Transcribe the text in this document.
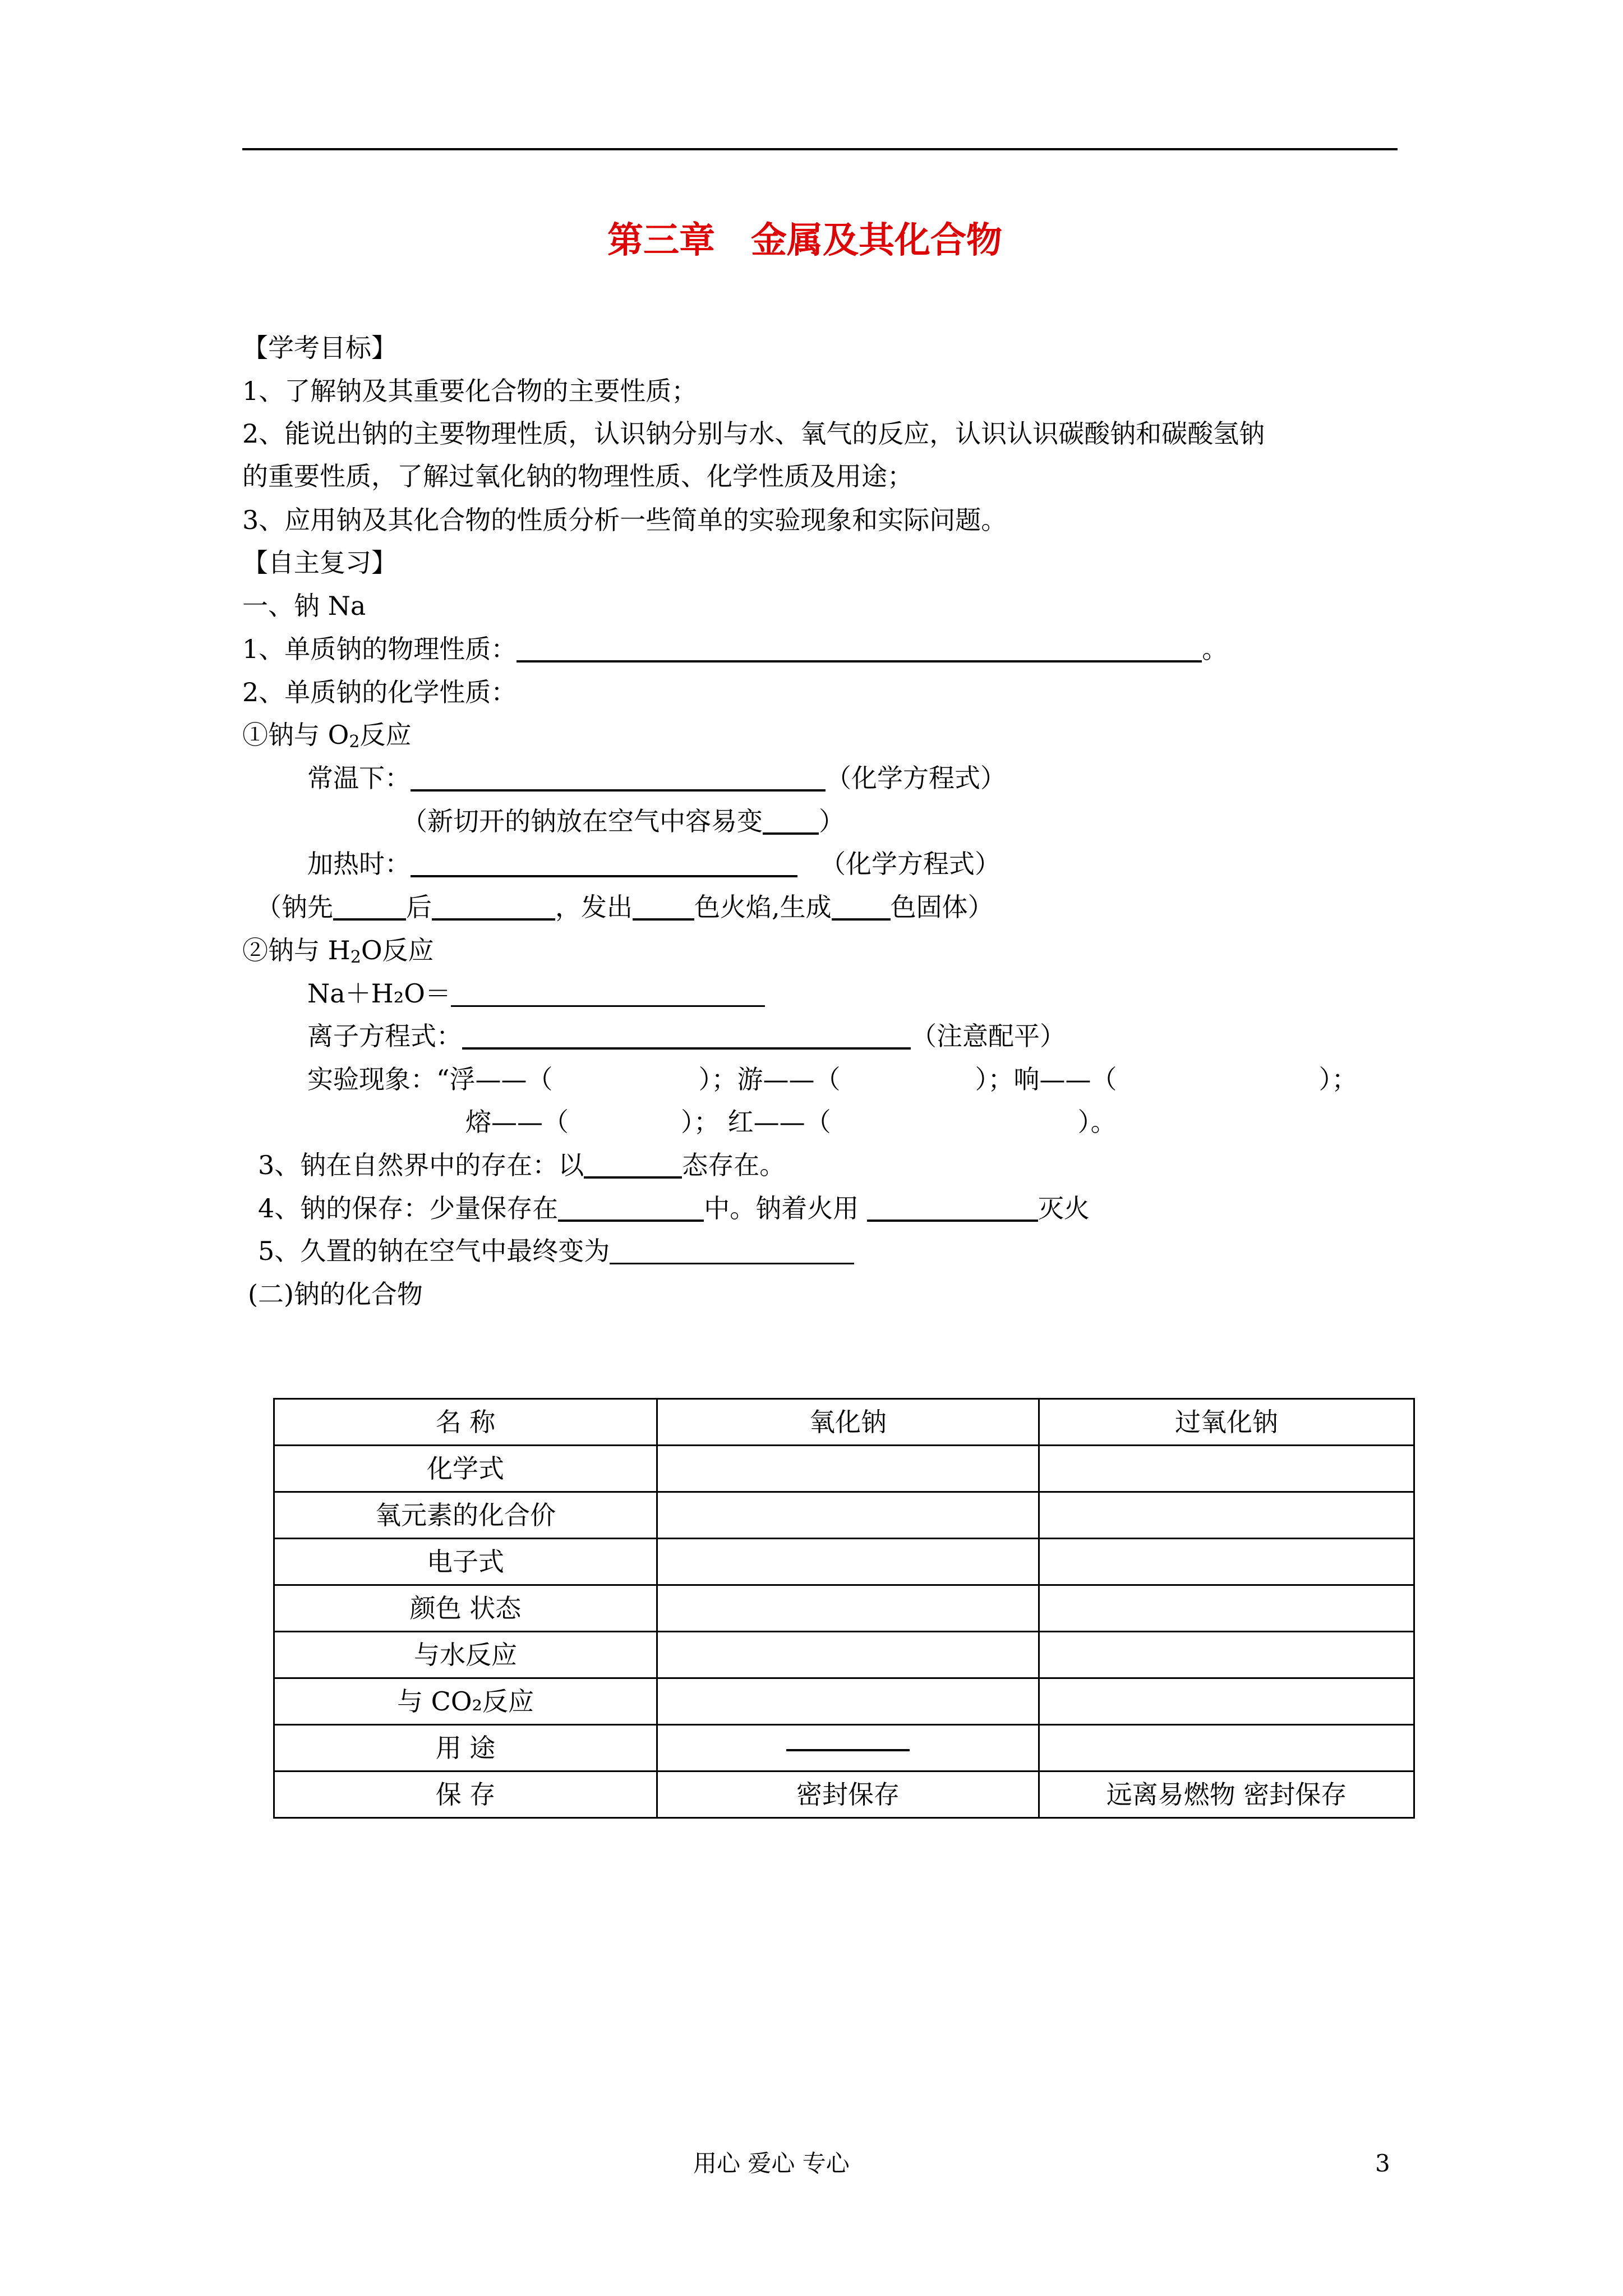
第三章　金属及其化合物
【学考目标】
1、了解钠及其重要化合物的主要性质；
2、能说出钠的主要物理性质，认识钠分别与水、氧气的反应，认识认识碳酸钠和碳酸氢钠
的重要性质，了解过氧化钠的物理性质、化学性质及用途；
3、应用钠及其化合物的性质分析一些简单的实验现象和实际问题。
【自主复习】
一、钠 Na
1、单质钠的物理性质：	。
2、单质钠的化学性质：
①钠与 $O_2$反应
常温下：	（化学方程式）
（新切开的钠放在空气中容易变 ）
加热时：	（化学方程式）
（钠先	后	，发出 色火焰,生成 色固体）
②钠与 $H_2O$反应
Na＋H₂O＝
离子方程式：	（注意配平）
实验现象：“浮——（	）；游——（	）；响——（	）；
熔——（	）； 红——（	）。
3、钠在自然界中的存在：以	态存在。
4、钠的保存：少量保存在	中。钠着火用	灭火
5、久置的钠在空气中最终变为
(二)钠的化合物
名 称	氧化钠	过氧化钠
化学式		
氧元素的化合价		
电子式		
颜色 状态		
与水反应		
与 CO₂反应		
用 途		
保 存	密封保存	远离易燃物 密封保存
用心 爱心 专心	3
